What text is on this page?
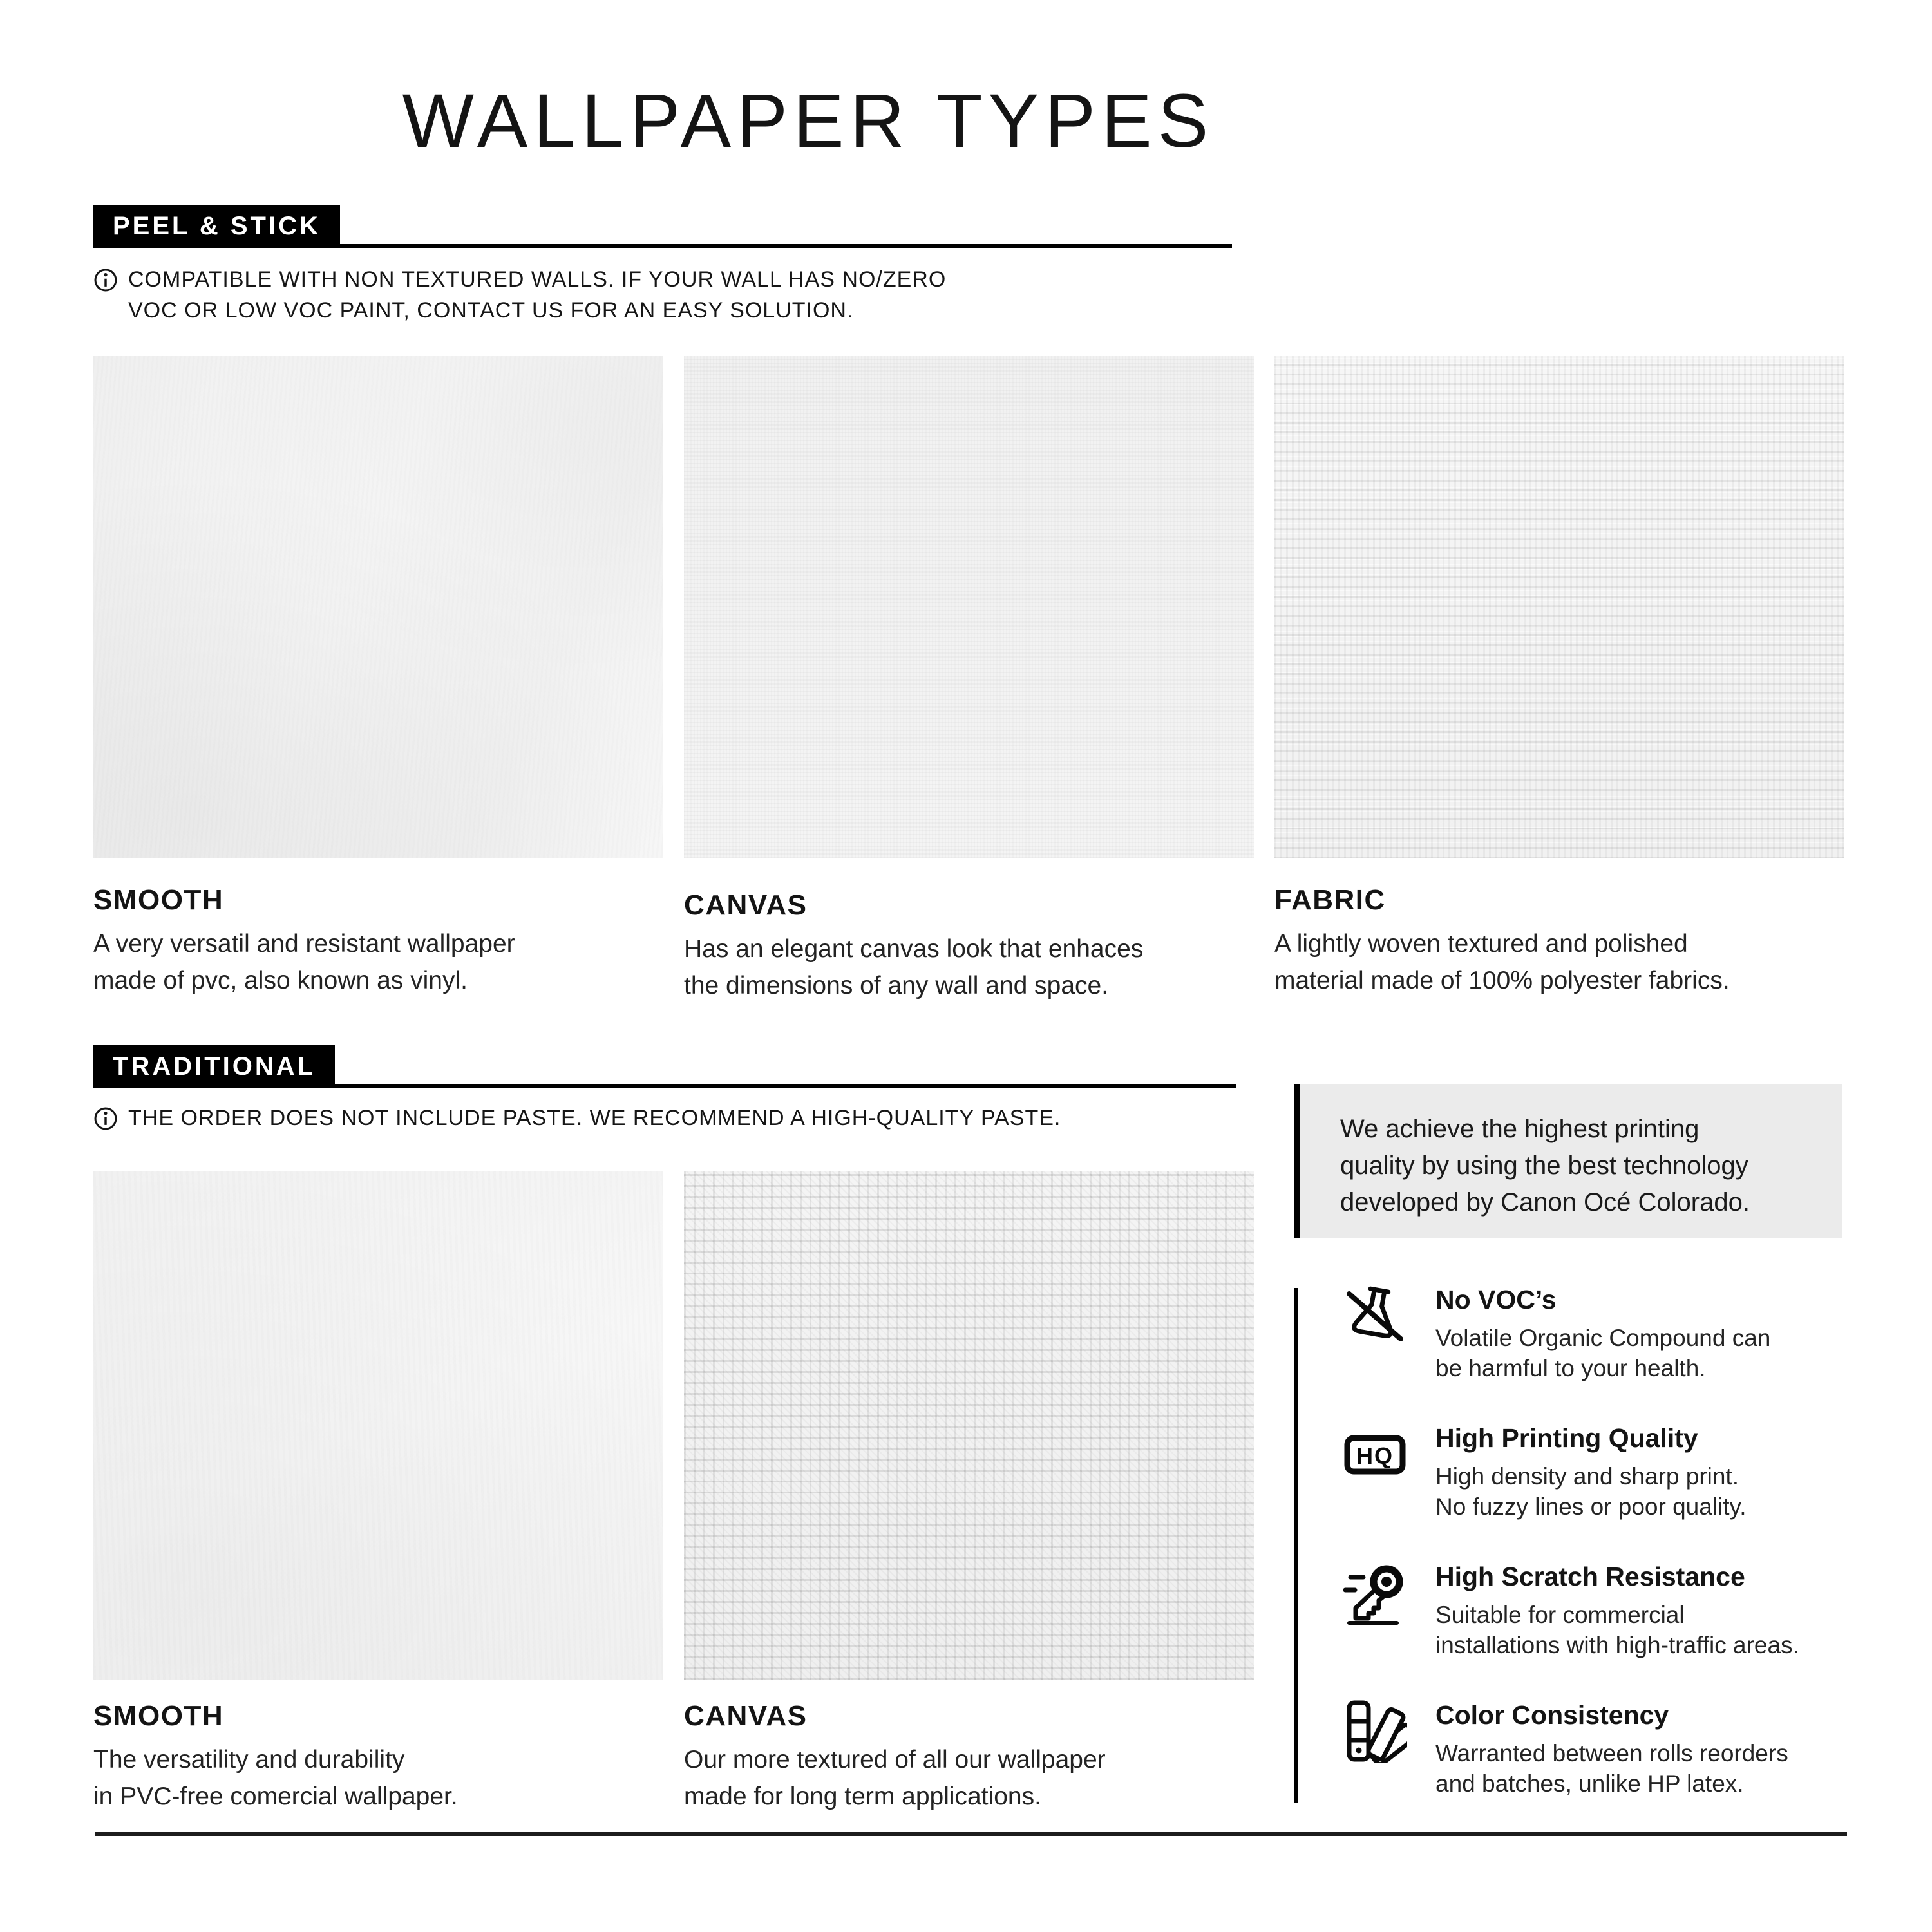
WALLPAPER TYPES
PEEL & STICK
COMPATIBLE WITH NON TEXTURED WALLS. IF YOUR WALL HAS NO/ZERO
VOC OR LOW VOC PAINT, CONTACT US FOR AN EASY SOLUTION.
SMOOTH
A very versatil and resistant wallpaper
made of pvc, also known as vinyl.
CANVAS
Has an elegant canvas look that enhaces
the dimensions of any wall and space.
FABRIC
A lightly woven textured and polished
material made of 100% polyester fabrics.
TRADITIONAL
THE ORDER DOES NOT INCLUDE PASTE. WE RECOMMEND A HIGH-QUALITY PASTE.
SMOOTH
The versatility and durability
in PVC-free comercial wallpaper.
CANVAS
Our more textured of all our wallpaper
made for long term applications.
We achieve the highest printing
quality by using the best technology
developed by Canon Océ Colorado.
No VOC’s
Volatile Organic Compound can
be harmful to your health.
HQ
High Printing Quality
High density and sharp print.
No fuzzy lines or poor quality.
High Scratch Resistance
Suitable for commercial
installations with high-traffic areas.
Color Consistency
Warranted between rolls reorders
and batches, unlike HP latex.
